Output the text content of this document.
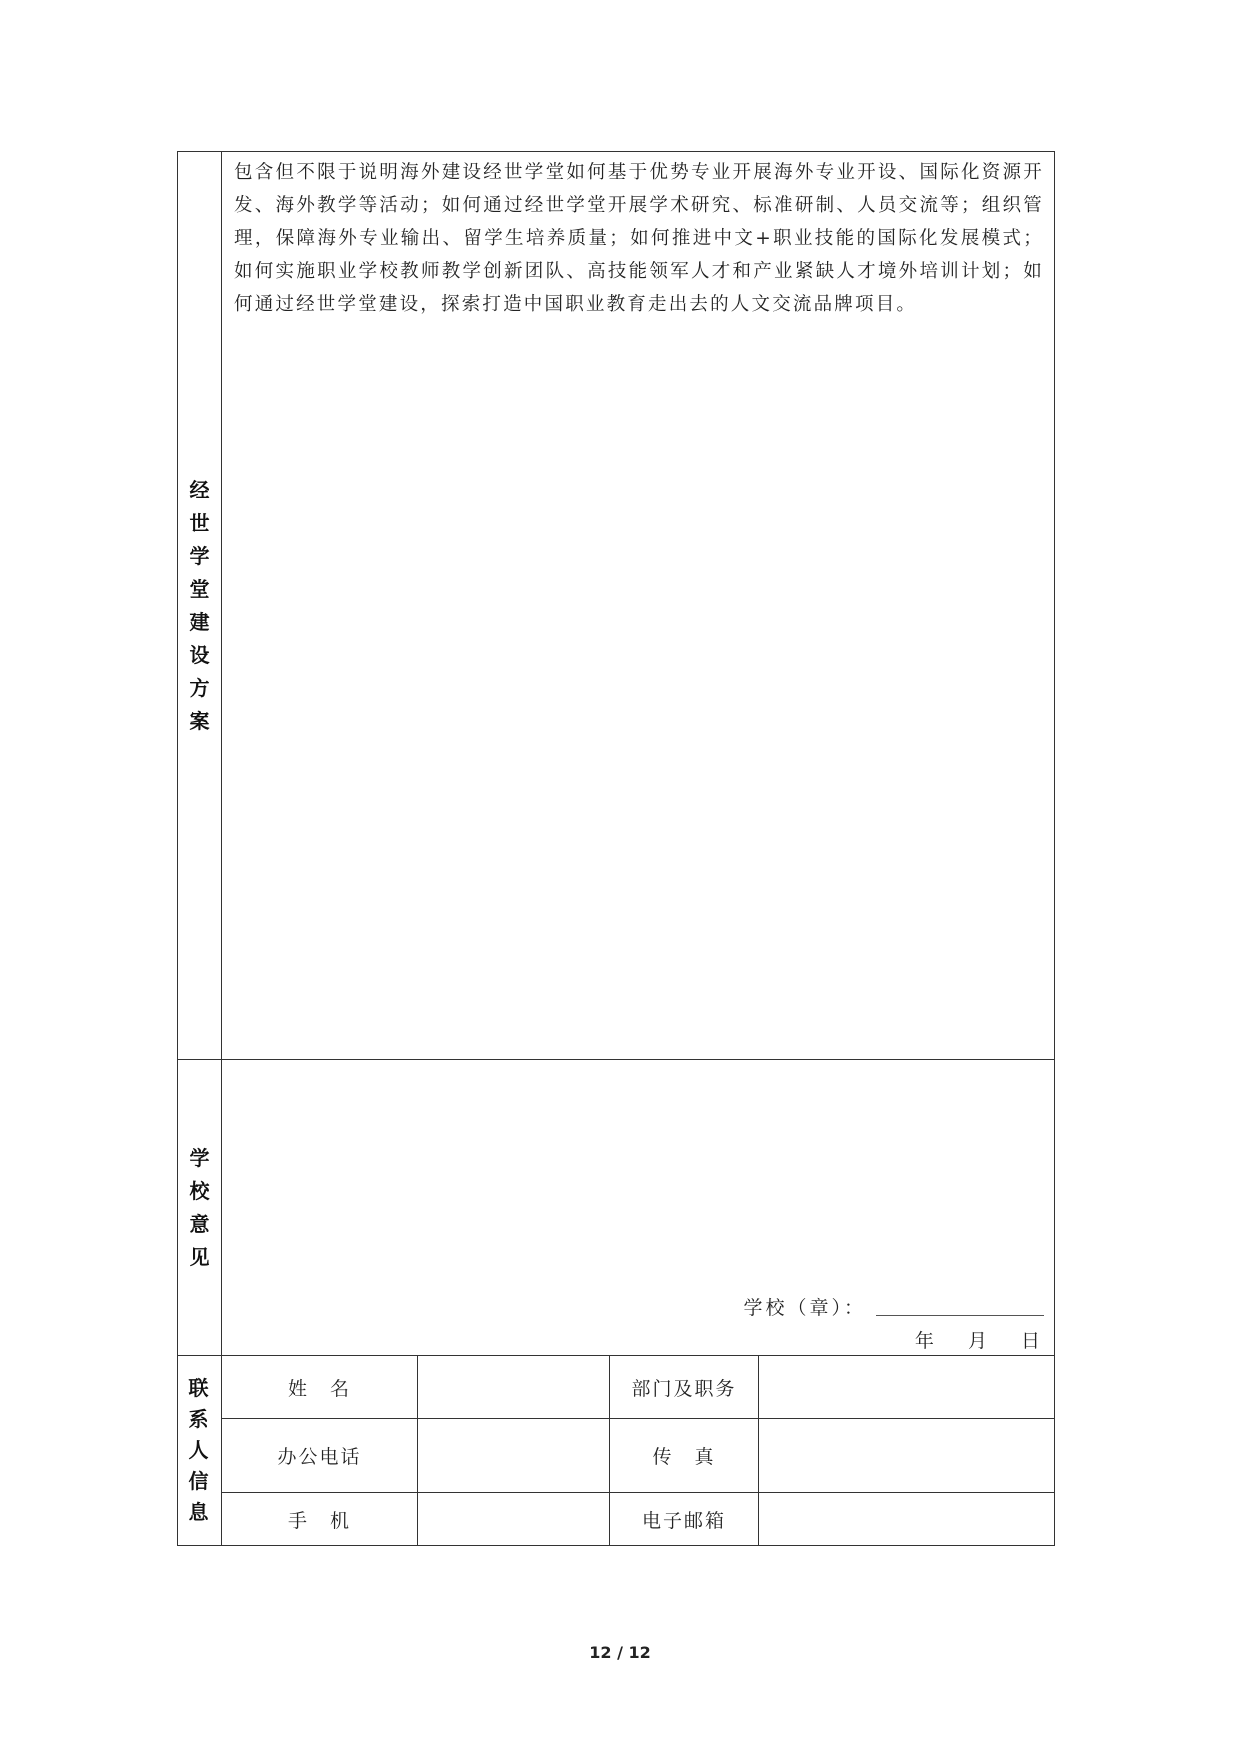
经世学堂建设方案	包含但不限于说明海外建设经世学堂如何基于优势专业开展海外专业开设、国际化资源开发、海外教学等活动；如何通过经世学堂开展学术研究、标准研制、人员交流等；组织管理，保障海外专业输出、留学生培养质量；如何推进中文+职业技能的国际化发展模式；如何实施职业学校教师教学创新团队、高技能领军人才和产业紧缺人才境外培训计划；如何通过经世学堂建设，探索打造中国职业教育走出去的人文交流品牌项目。			

学校意见	学校（章）：
年 月 日			

联系人信息	姓　名		部门及职务	
	办公电话		传　真	
	手　机		电子邮箱	
12 / 12
